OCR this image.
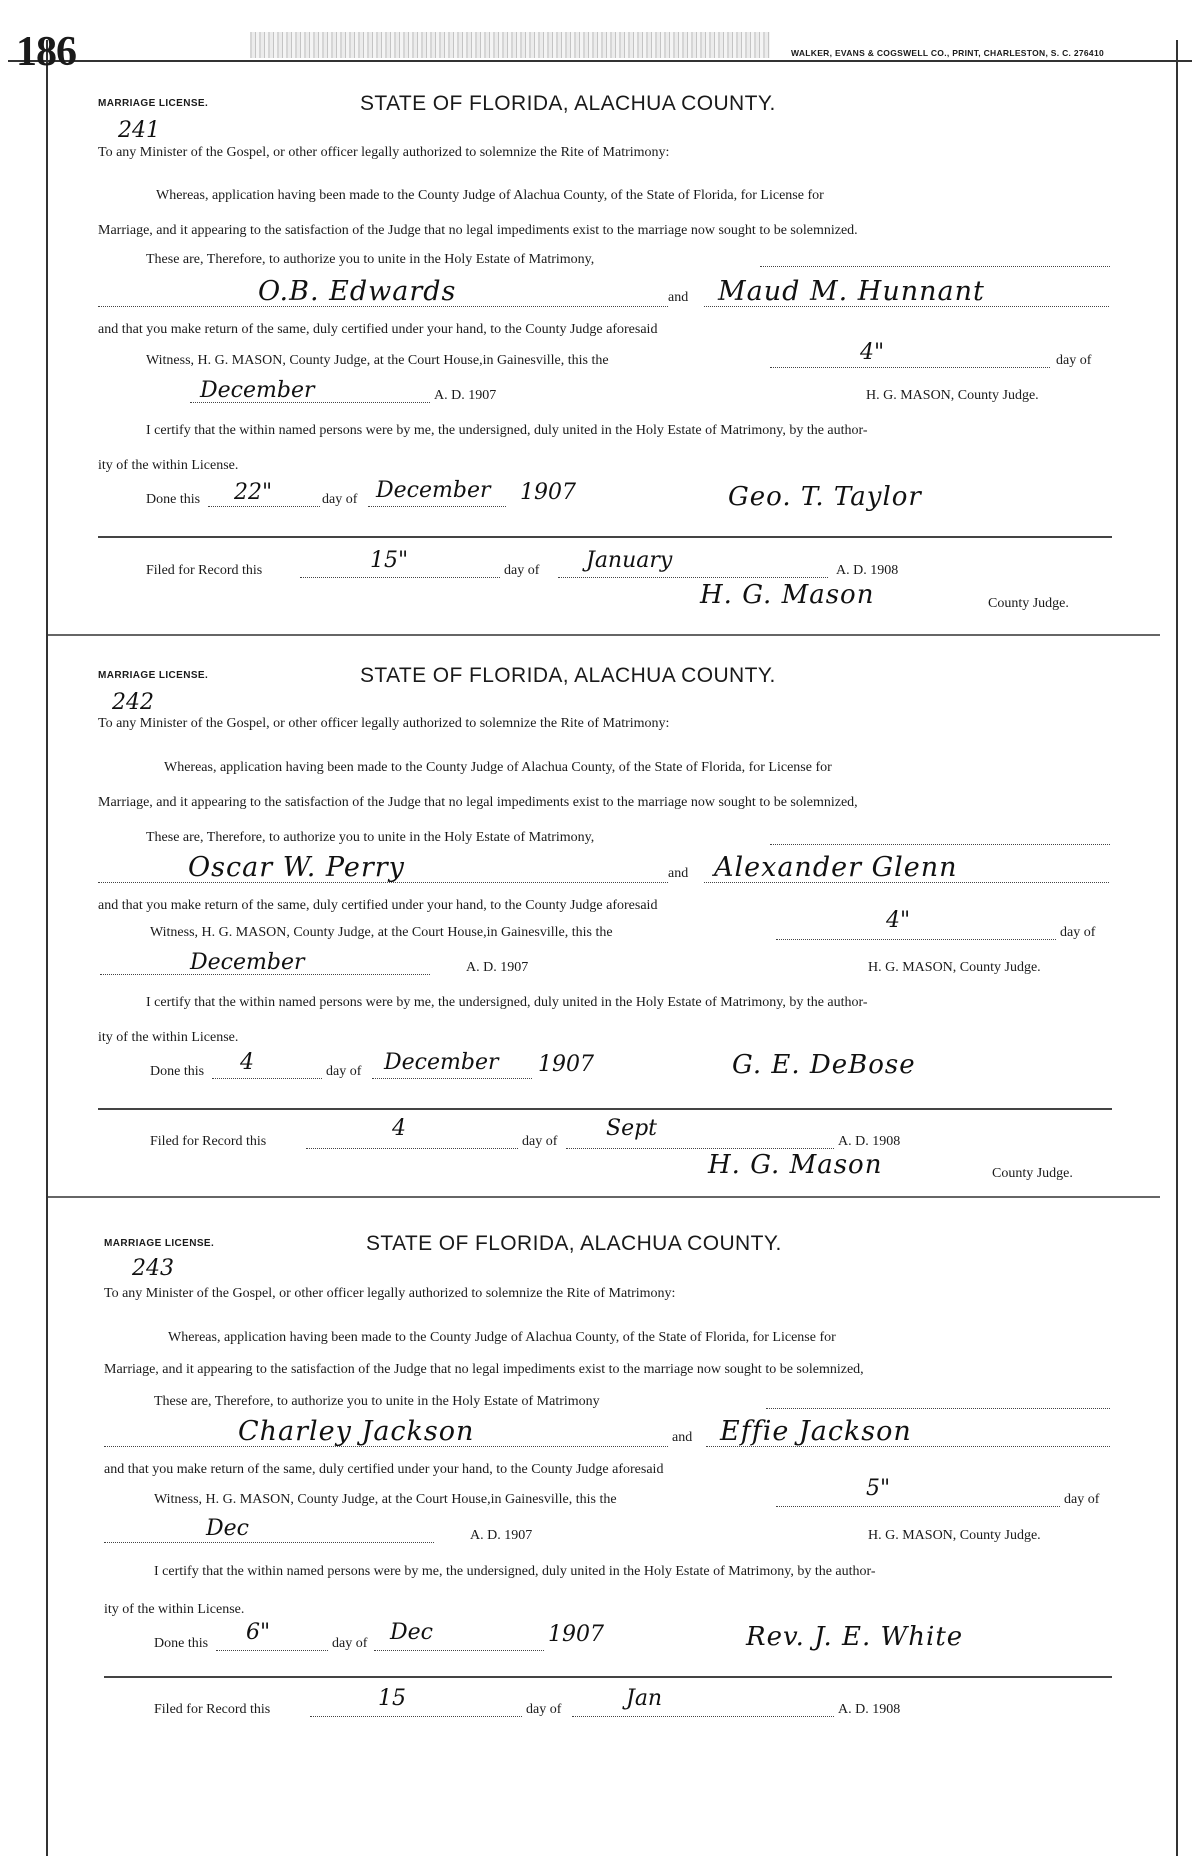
186	WALKER, EVANS & COGSWELL CO., PRINT, CHARLESTON, S. C. 276410
MARRIAGE LICENSE.	STATE OF FLORIDA, ALACHUA COUNTY.
241
To any Minister of the Gospel, or other officer legally authorized to solemnize the Rite of Matrimony:
Whereas, application having been made to the County Judge of Alachua County, of the State of Florida, for License for
Marriage, and it appearing to the satisfaction of the Judge that no legal impediments exist to the marriage now sought to be solemnized.
These are, Therefore, to authorize you to unite in the Holy Estate of Matrimony,
O.B. Edwards	and Maud M. Hunnant
and that you make return of the same, duly certified under your hand, to the County Judge aforesaid
Witness, H. G. MASON, County Judge, at the Court House,in Gainesville, this the	4"	day of
December	A. D. 1907	H. G. MASON, County Judge.
I certify that the within named persons were by me, the undersigned, duly united in the Holy Estate of Matrimony, by the author-
ity of the within License.
Done this 22"	day of December 1907	Geo. T. Taylor
Filed for Record this	15"	day of January	A. D. 1908
H. G. Mason	County Judge.
MARRIAGE LICENSE.	STATE OF FLORIDA, ALACHUA COUNTY.
242
To any Minister of the Gospel, or other officer legally authorized to solemnize the Rite of Matrimony:
Whereas, application having been made to the County Judge of Alachua County, of the State of Florida, for License for
Marriage, and it appearing to the satisfaction of the Judge that no legal impediments exist to the marriage now sought to be solemnized,
These are, Therefore, to authorize you to unite in the Holy Estate of Matrimony,
Oscar W. Perry	and Alexander Glenn
and that you make return of the same, duly certified under your hand, to the County Judge aforesaid
Witness, H. G. MASON, County Judge, at the Court House,in Gainesville, this the	4"	day of
December	A. D. 1907	H. G. MASON, County Judge.
I certify that the within named persons were by me, the undersigned, duly united in the Holy Estate of Matrimony, by the author-
ity of the within License.
Done this 4	day of December 1907	G. E. DeBose
Filed for Record this
4
day of
Sept
A. D. 1908
H. G. Mason	County Judge.
MARRIAGE LICENSE.	STATE OF FLORIDA, ALACHUA COUNTY.
243
To any Minister of the Gospel, or other officer legally authorized to solemnize the Rite of Matrimony:
Whereas, application having been made to the County Judge of Alachua County, of the State of Florida, for License for
Marriage, and it appearing to the satisfaction of the Judge that no legal impediments exist to the marriage now sought to be solemnized,
These are, Therefore, to authorize you to unite in the Holy Estate of Matrimony
Charley Jackson	and Effie Jackson
and that you make return of the same, duly certified under your hand, to the County Judge aforesaid
Witness, H. G. MASON, County Judge, at the Court House,in Gainesville, this the	5"	day of
Dec	A. D. 1907	H. G. MASON, County Judge.
I certify that the within named persons were by me, the undersigned, duly united in the Holy Estate of Matrimony, by the author-
ity of the within License.
Done this 6"	day of Dec	1907	Rev. J. E. White
Filed for Record this	15	day of	Jan	A. D. 1908
